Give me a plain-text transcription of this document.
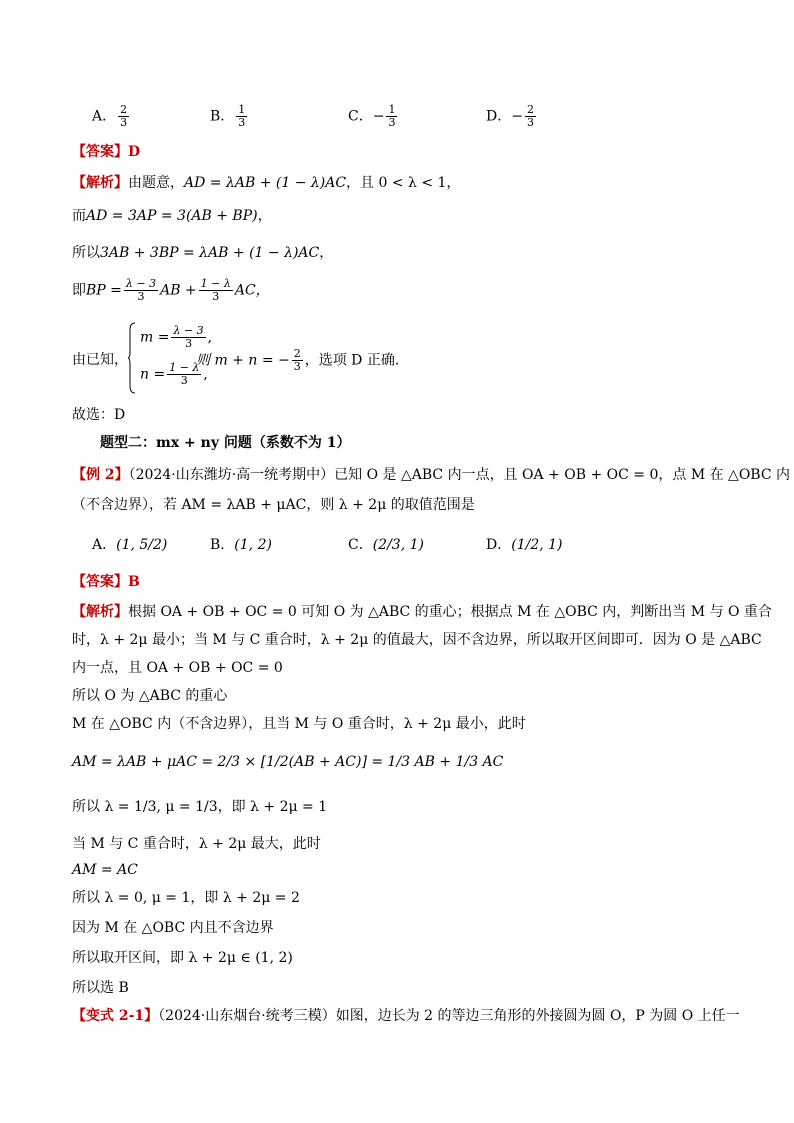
A． $\frac{2}{3}$	B． $\frac{1}{3}$	C．− $\frac{1}{3}$	D．− $\frac{2}{3}$
【答案】D
【解析】由题意，AD = λAB + (1 − λ)AC，且 0 < λ < 1，
而AD = 3AP = 3(AB + BP)，
所以3AB + 3BP = λAB + (1 − λ)AC，
即BP = $\frac{\lambda - 3}{3}$ AB + $\frac{1 - \lambda}{3}$ AC，
由已知，
$m = \frac{\lambda - 3}{3}$ ,
$n = \frac{1 - \lambda}{3}$ ,
则 m + n = − $\frac{2}{3}$ ，选项 D 正确.
故选：D
题型二：mx + ny 问题（系数不为 1）
【例 2】（2024·山东潍坊·高一统考期中）已知 O 是 △ABC 内一点，且 OA + OB + OC = 0，点 M 在 △OBC 内
（不含边界），若 AM = λAB + μAC，则 λ + 2μ 的取值范围是
A．(1, 5/2)	B．(1, 2)	C．(2/3, 1)	D．(1/2, 1)
【答案】B
【解析】根据 OA + OB + OC = 0 可知 O 为 △ABC 的重心；根据点 M 在 △OBC 内，判断出当 M 与 O 重合
时，λ + 2μ 最小；当 M 与 C 重合时，λ + 2μ 的值最大，因不含边界，所以取开区间即可．因为 O 是 △ABC
内一点，且 OA + OB + OC = 0
所以 O 为 △ABC 的重心
M 在 △OBC 内（不含边界），且当 M 与 O 重合时，λ + 2μ 最小，此时
AM = λAB + μAC = 2/3 × [1/2(AB + AC)] = 1/3 AB + 1/3 AC
所以 λ = 1/3, μ = 1/3，即 λ + 2μ = 1
当 M 与 C 重合时，λ + 2μ 最大，此时
AM = AC
所以 λ = 0, μ = 1，即 λ + 2μ = 2
因为 M 在 △OBC 内且不含边界
所以取开区间，即 λ + 2μ ∈ (1, 2)
所以选 B
【变式 2-1】（2024·山东烟台·统考三模）如图，边长为 2 的等边三角形的外接圆为圆 O，P 为圆 O 上任一
